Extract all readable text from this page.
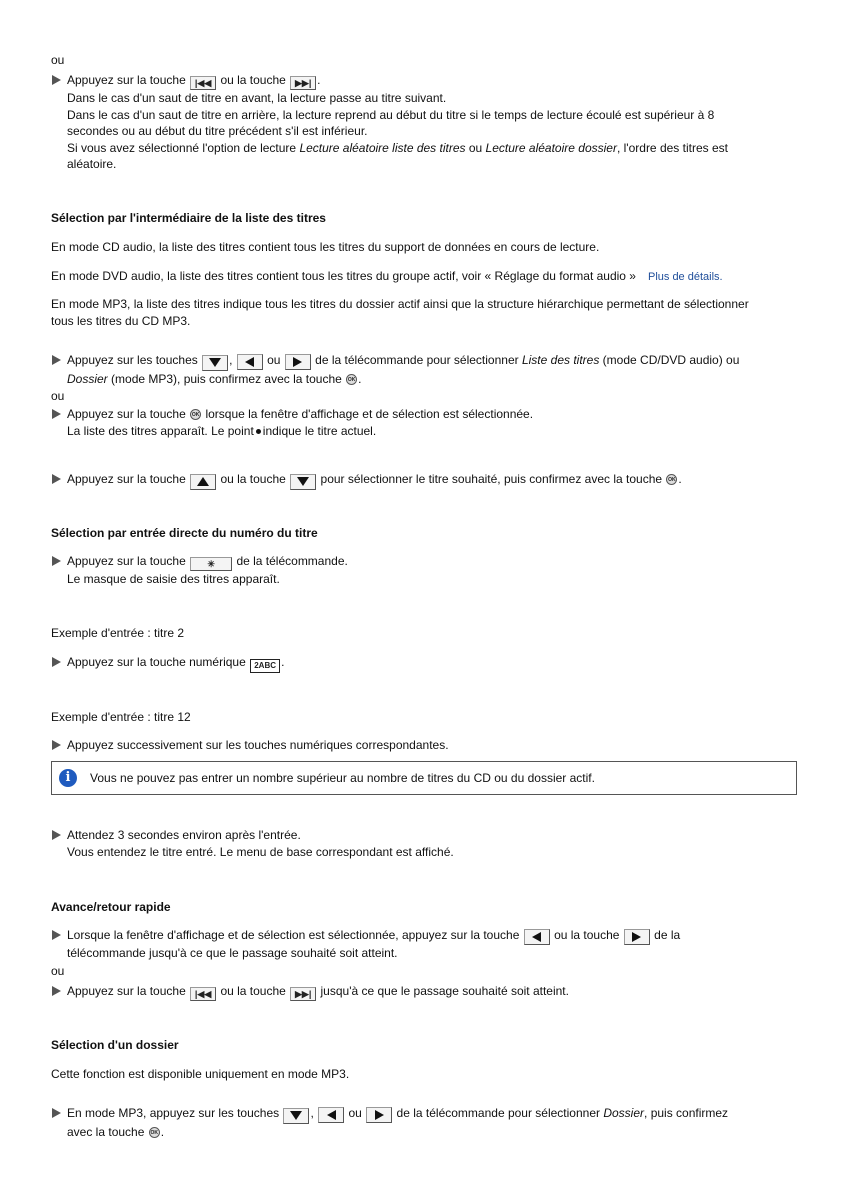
ou
Appuyez sur la touche |◀◀ ou la touche ▶▶| .
Dans le cas d'un saut de titre en avant, la lecture passe au titre suivant.
Dans le cas d'un saut de titre en arrière, la lecture reprend au début du titre si le temps de lecture écoulé est supérieur à 8
secondes ou au début du titre précédent s'il est inférieur.
Si vous avez sélectionné l'option de lecture Lecture aléatoire liste des titres ou Lecture aléatoire dossier, l'ordre des titres est
aléatoire.
Sélection par l'intermédiaire de la liste des titres
En mode CD audio, la liste des titres contient tous les titres du support de données en cours de lecture.
En mode DVD audio, la liste des titres contient tous les titres du groupe actif, voir « Réglage du format audio » Plus de détails.
En mode MP3, la liste des titres indique tous les titres du dossier actif ainsi que la structure hiérarchique permettant de sélectionner
tous les titres du CD MP3.
Appuyez sur les touches	,	ou	de la télécommande pour sélectionner Liste des titres (mode CD/DVD audio) ou
Dossier (mode MP3), puis confirmez avec la touche OK .
ou
Appuyez sur la touche OK lorsque la fenêtre d'affichage et de sélection est sélectionnée.
La liste des titres apparaît. Le point indique le titre actuel.
Appuyez sur la touche	ou la touche	pour sélectionner le titre souhaité, puis confirmez avec la touche OK .
Sélection par entrée directe du numéro du titre
Appuyez sur la touche ✳ de la télécommande.
Le masque de saisie des titres apparaît.
Exemple d'entrée : titre 2
Appuyez sur la touche numérique 2ABC .
Exemple d'entrée : titre 12
Appuyez successivement sur les touches numériques correspondantes.
i	Vous ne pouvez pas entrer un nombre supérieur au nombre de titres du CD ou du dossier actif.
Attendez 3 secondes environ après l'entrée.
Vous entendez le titre entré. Le menu de base correspondant est affiché.
Avance/retour rapide
Lorsque la fenêtre d'affichage et de sélection est sélectionnée, appuyez sur la touche	ou la touche	de la
télécommande jusqu'à ce que le passage souhaité soit atteint.
ou
Appuyez sur la touche |◀◀ ou la touche ▶▶| jusqu'à ce que le passage souhaité soit atteint.
Sélection d'un dossier
Cette fonction est disponible uniquement en mode MP3.
En mode MP3, appuyez sur les touches	,	ou	de la télécommande pour sélectionner Dossier, puis confirmez
avec la touche OK .
